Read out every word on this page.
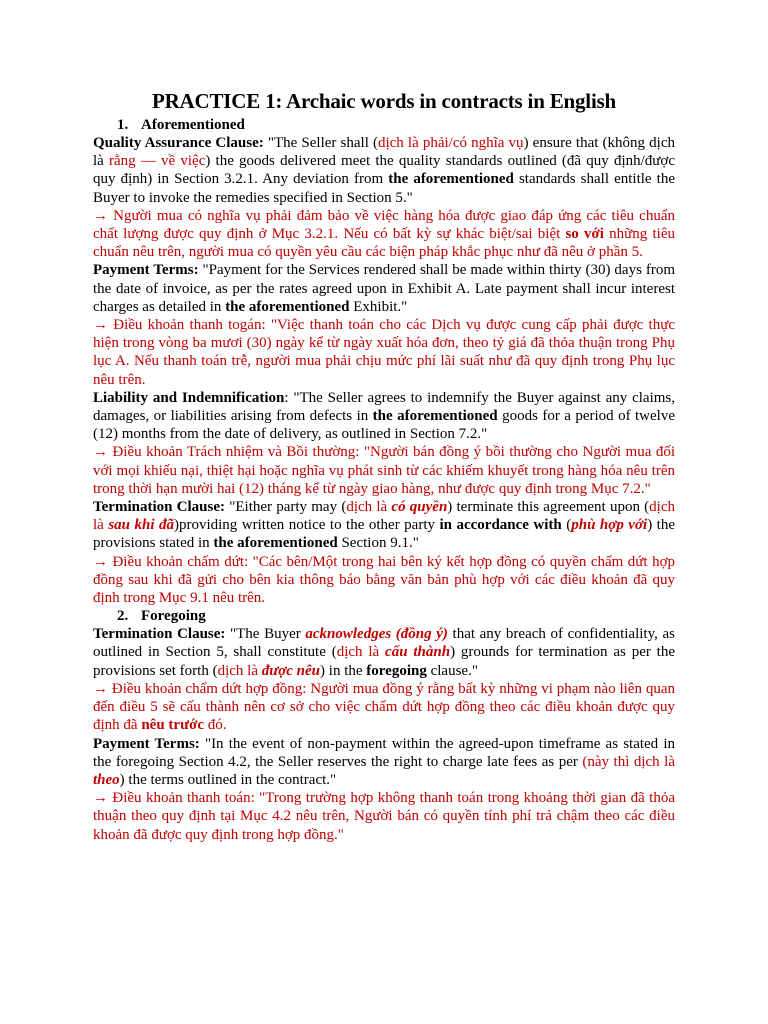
PRACTICE 1: Archaic words in contracts in English
1. Aforementioned

Quality Assurance Clause: "The Seller shall (dịch là phải/có nghĩa vụ) ensure that (không dịch là rằng — về việc) the goods delivered meet the quality standards outlined (đã quy định/được quy định) in Section 3.2.1. Any deviation from the aforementioned standards shall entitle the Buyer to invoke the remedies specified in Section 5."

→ Người mua có nghĩa vụ phải đảm bảo về việc hàng hóa được giao đáp ứng các tiêu chuẩn chất lượng được quy định ở Mục 3.2.1. Nếu có bất kỳ sự khác biệt/sai biệt so với những tiêu chuẩn nêu trên, người mua có quyền yêu cầu các biện pháp khắc phục như đã nêu ở phần 5.

Payment Terms: "Payment for the Services rendered shall be made within thirty (30) days from the date of invoice, as per the rates agreed upon in Exhibit A. Late payment shall incur interest charges as detailed in the aforementioned Exhibit."

→ Điều khoản thanh togán: "Việc thanh toán cho các Dịch vụ được cung cấp phải được thực hiện trong vòng ba mươi (30) ngày kể từ ngày xuất hóa đơn, theo tỷ giá đã thỏa thuận trong Phụ lục A. Nếu thanh toán trễ, người mua phải chịu mức phí lãi suất như đã quy định trong Phụ lục nêu trên.

Liability and Indemnification: "The Seller agrees to indemnify the Buyer against any claims, damages, or liabilities arising from defects in the aforementioned goods for a period of twelve (12) months from the date of delivery, as outlined in Section 7.2."

→ Điều khoản Trách nhiệm và Bồi thường: "Người bán đồng ý bồi thường cho Người mua đối với mọi khiếu nại, thiệt hại hoặc nghĩa vụ phát sinh từ các khiếm khuyết trong hàng hóa nêu trên trong thời hạn mười hai (12) tháng kể từ ngày giao hàng, như được quy định trong Mục 7.2."

Termination Clause: "Either party may (dịch là có quyền) terminate this agreement upon (dịch là sau khi đã)providing written notice to the other party in accordance with (phù hợp với) the provisions stated in the aforementioned Section 9.1."

→ Điều khoản chấm dứt: "Các bên/Một trong hai bên ký kết hợp đồng có quyền chấm dứt hợp đồng sau khi đã gửi cho bên kia thông báo bằng văn bản phù hợp với các điều khoản đã quy định trong Mục 9.1 nêu trên.

2. Foregoing

Termination Clause: "The Buyer acknowledges (đồng ý) that any breach of confidentiality, as outlined in Section 5, shall constitute (dịch là cấu thành) grounds for termination as per the provisions set forth (dịch là được nêu) in the foregoing clause."

→ Điều khoản chấm dứt hợp đồng: Người mua đồng ý rằng bất kỳ những vi phạm nào liên quan đến điều 5 sẽ cấu thành nên cơ sở cho việc chấm dứt hợp đồng theo các điều khoản được quy định đã nêu trước đó.

Payment Terms: "In the event of non-payment within the agreed-upon timeframe as stated in the foregoing Section 4.2, the Seller reserves the right to charge late fees as per (này thì dịch là theo) the terms outlined in the contract."

→ Điều khoản thanh toán: "Trong trường hợp không thanh toán trong khoảng thời gian đã thỏa thuận theo quy định tại Mục 4.2 nêu trên, Người bán có quyền tính phí trả chậm theo các điều khoản đã được quy định trong hợp đồng."
